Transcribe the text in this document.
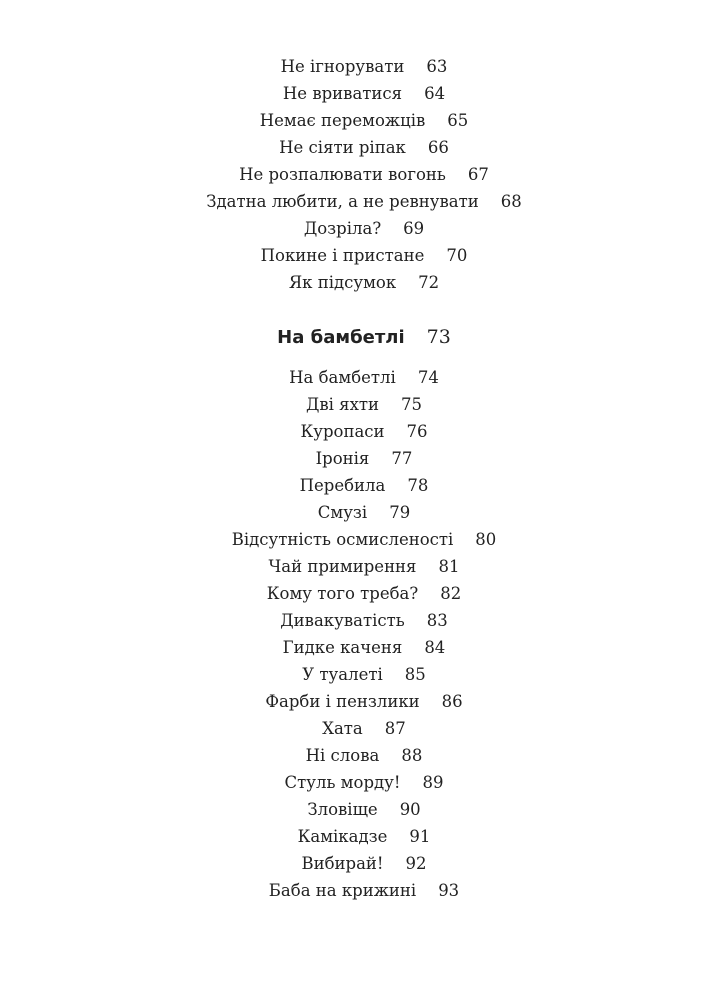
Не ігнорувати 63
Не вриватися 64
Немає переможців 65
Не сіяти ріпак 66
Не розпалювати вогонь 67
Здатна любити, а не ревнувати 68
Дозріла? 69
Покине і пристане 70
Як підсумок 72
На бамбетлі 73
На бамбетлі 74
Дві яхти 75
Куропаси 76
Іронія 77
Перебила 78
Смузі 79
Відсутність осмисленості 80
Чай примирення 81
Кому того треба? 82
Дивакуватість 83
Гидке каченя 84
У туалеті 85
Фарби і пензлики 86
Хата 87
Ні слова 88
Стуль морду! 89
Зловіще 90
Камікадзе 91
Вибирай! 92
Баба на крижині 93
